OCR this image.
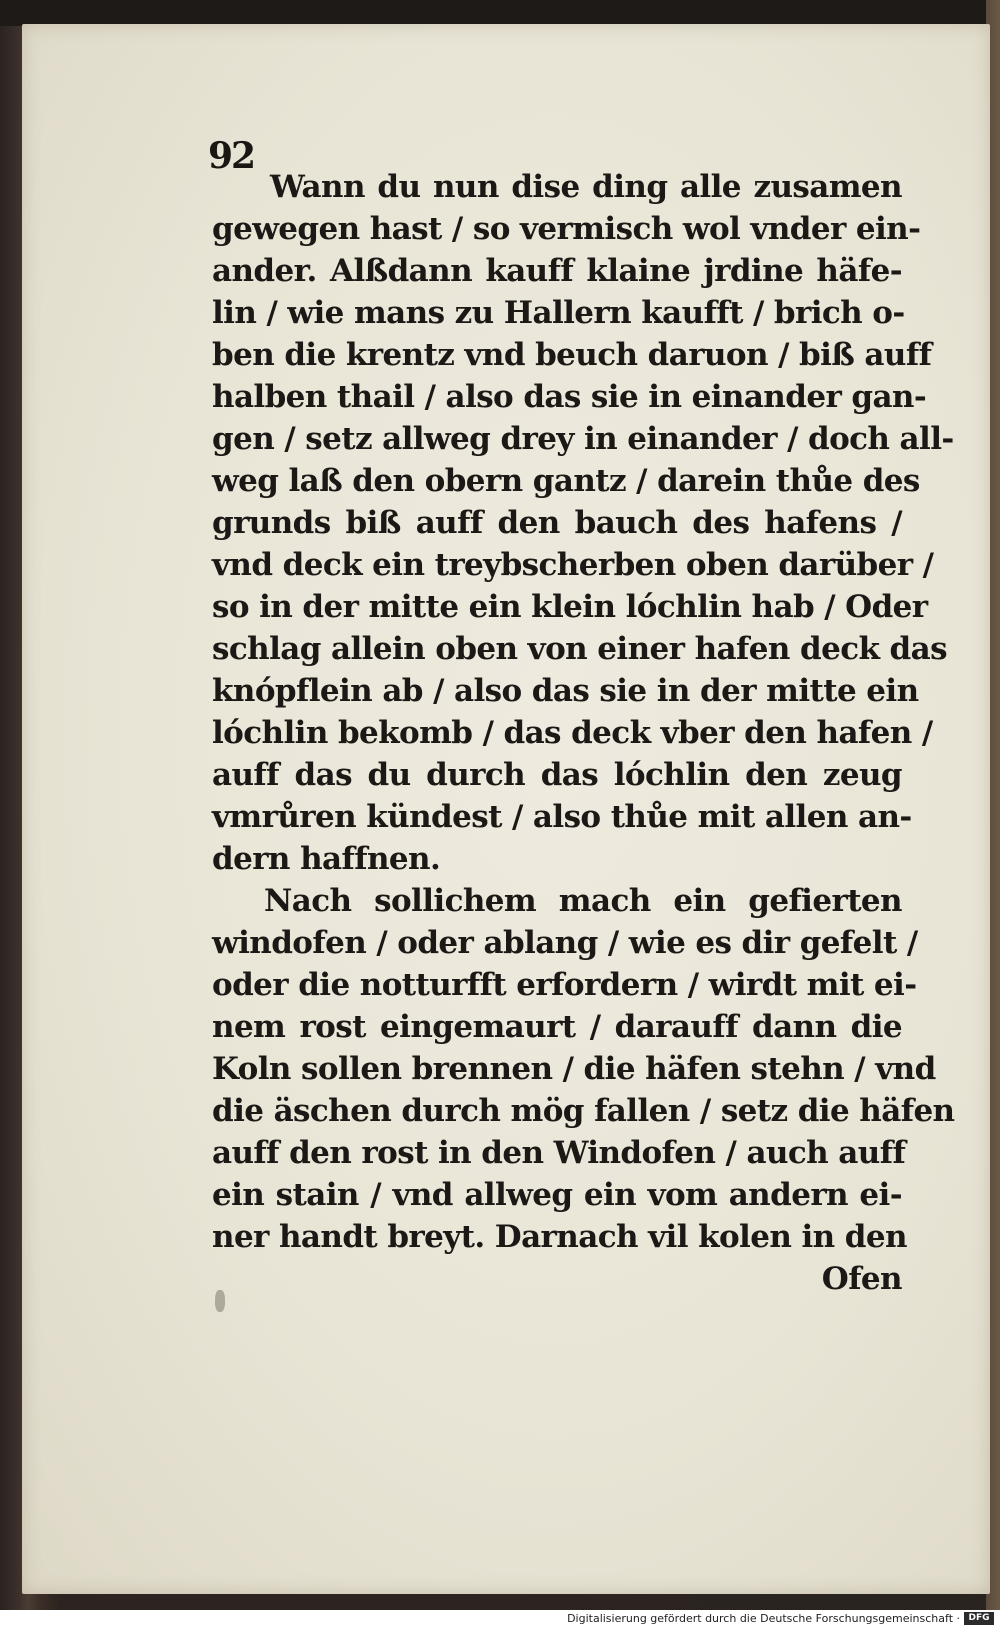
92
Wann du nun dise ding alle zusamen
gewegen hast / so vermisch wol vnder ein-
ander. Alßdann kauff klaine jrdine häfe-
lin / wie mans zu Hallern kaufft / brich o-
ben die krentz vnd beuch daruon / biß auff
halben thail / also das sie in einander gan-
gen / setz allweg drey in einander / doch all-
weg laß den obern gantz / darein thůe des
grunds biß auff den bauch des hafens /
vnd deck ein treybscherben oben darüber /
so in der mitte ein klein lóchlin hab / Oder
schlag allein oben von einer hafen deck das
knópflein ab / also das sie in der mitte ein
lóchlin bekomb / das deck vber den hafen /
auff das du durch das lóchlin den zeug
vmrůren kündest / also thůe mit allen an-
dern haffnen.
Nach sollichem mach ein gefierten
windofen / oder ablang / wie es dir gefelt /
oder die notturfft erfordern / wirdt mit ei-
nem rost eingemaurt / darauff dann die
Koln sollen brennen / die häfen stehn / vnd
die äschen durch mög fallen / setz die häfen
auff den rost in den Windofen / auch auff
ein stain / vnd allweg ein vom andern ei-
ner handt breyt. Darnach vil kolen in den
Ofen
Digitalisierung gefördert durch die Deutsche Forschungsgemeinschaft · DFG
